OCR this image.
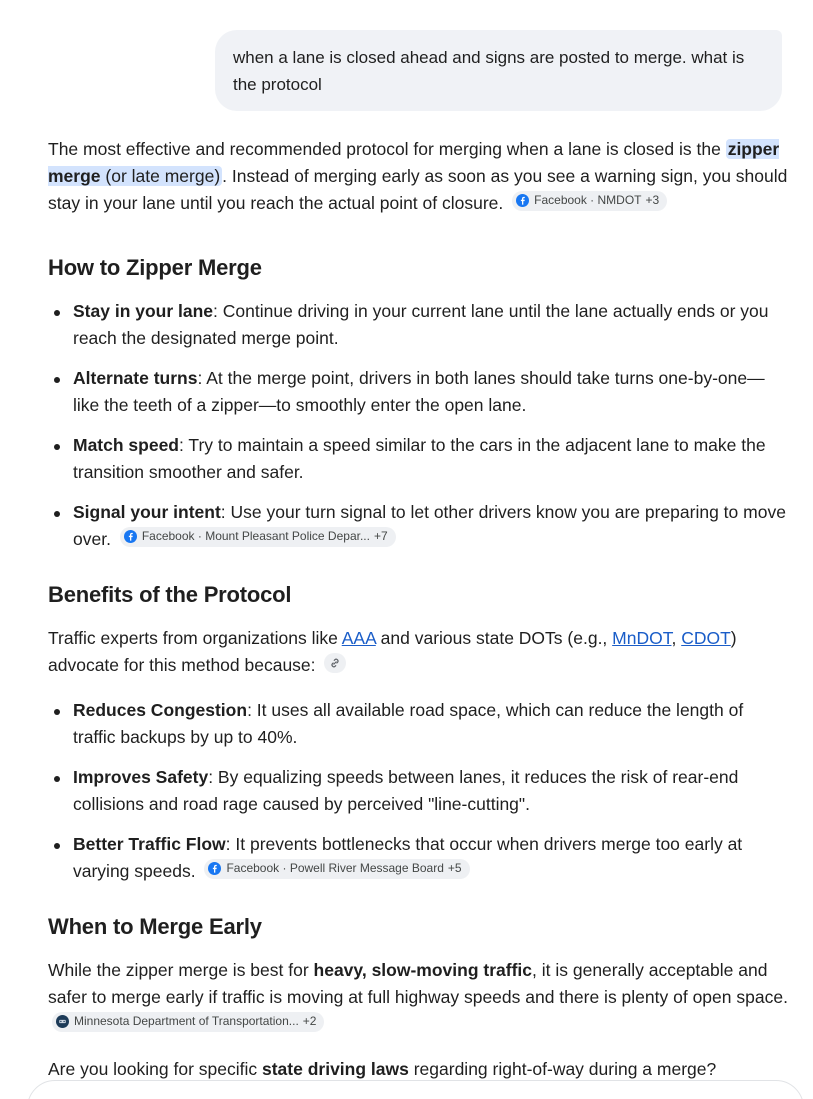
when a lane is closed ahead and signs are posted to merge. what is the protocol

The most effective and recommended protocol for merging when a lane is closed is the zipper merge (or late merge) . Instead of merging early as soon as you see a warning sign, you should stay in your lane until you reach the actual point of closure.	Facebook · NMDOT +3

How to Zipper Merge
Stay in your lane: Continue driving in your current lane until the lane actually ends or you reach the designated merge point.
Alternate turns: At the merge point, drivers in both lanes should take turns one-by-one—like the teeth of a zipper—to smoothly enter the open lane.
Match speed: Try to maintain a speed similar to the cars in the adjacent lane to make the transition smoother and safer.
Signal your intent: Use your turn signal to let other drivers know you are preparing to move over.	Facebook · Mount Pleasant Police Depar... +7
Benefits of the Protocol

Traffic experts from organizations like AAA and various state DOTs (e.g., MnDOT, CDOT) advocate for this method because:

Reduces Congestion: It uses all available road space, which can reduce the length of traffic backups by up to 40%.
Improves Safety: By equalizing speeds between lanes, it reduces the risk of rear-end collisions and road rage caused by perceived "line-cutting".
Better Traffic Flow: It prevents bottlenecks that occur when drivers merge too early at varying speeds.	Facebook · Powell River Message Board +5
When to Merge Early

While the zipper merge is best for heavy, slow-moving traffic, it is generally acceptable and safer to merge early if traffic is moving at full highway speeds and there is plenty of open space.
Minnesota Department of Transportation... +2

Are you looking for specific state driving laws regarding right-of-way during a merge?
